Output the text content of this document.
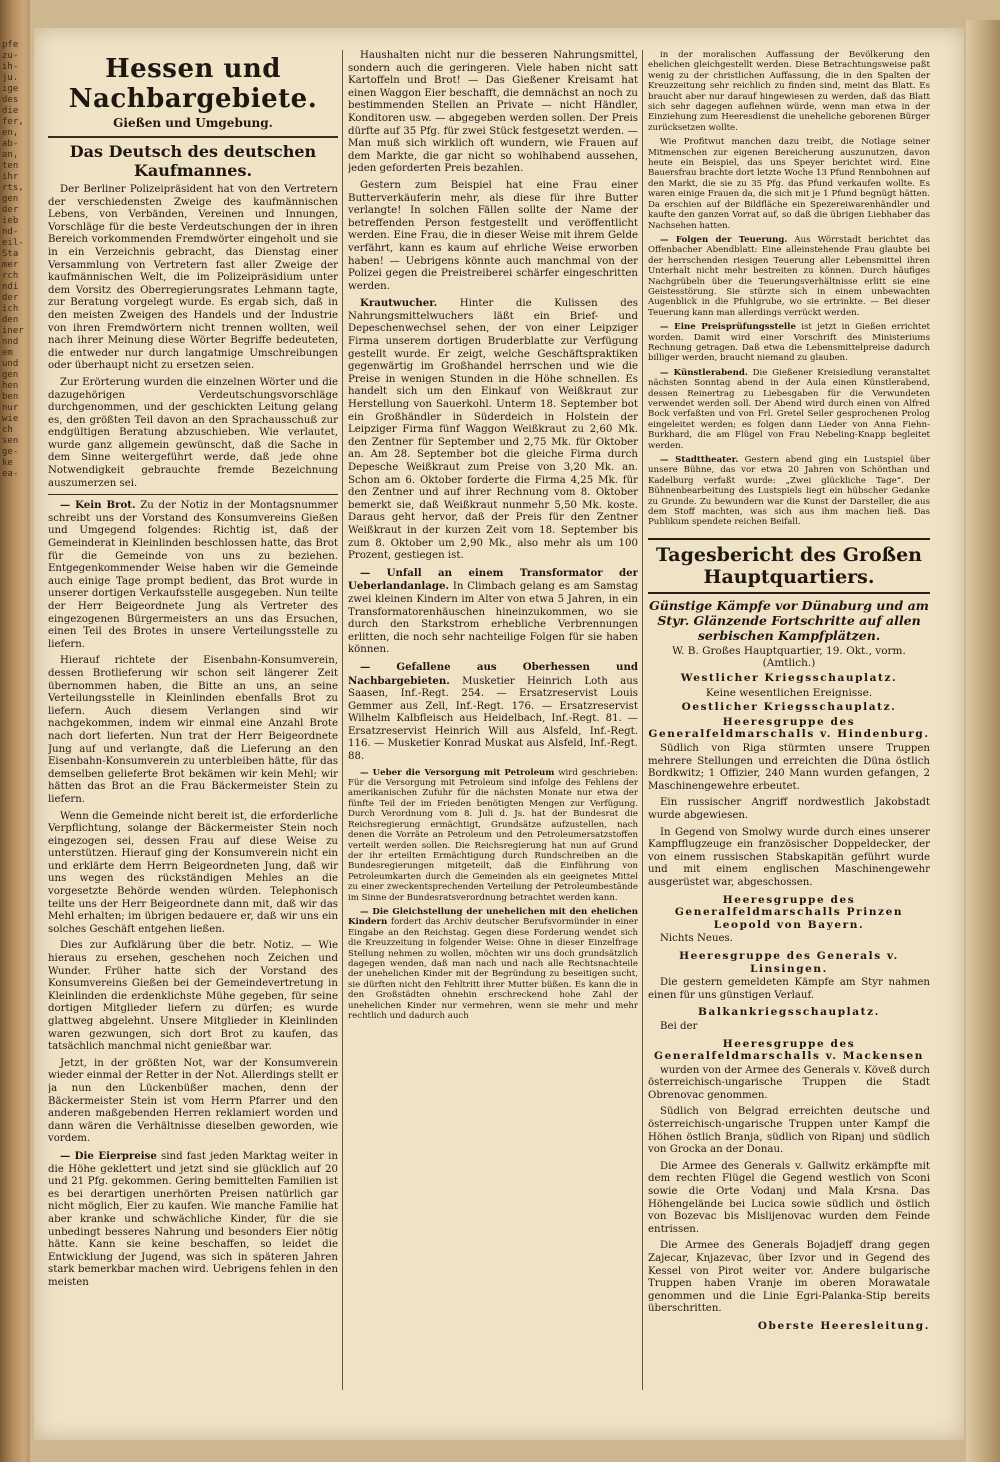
pfe
zu-
ih-
ju.
ige
des
die
fer,
en,
ab-
an,
ten
ihr
rts,
gen
der
ieb
nd-
eil-
Sta
mer
rch
ndi
der
ich
den
iner
nnd
em
und
gen
hen
ben
nur
wie
ch
sen
ge-
ke
ea-
Hessen und Nachbargebiete.
Gießen und Umgebung.
Das Deutsch des deutschen Kaufmannes.

Der Berliner Polizeipräsident hat von den Vertretern der verschiedensten Zweige des kaufmännischen Lebens, von Verbänden, Vereinen und Innungen, Vorschläge für die beste Verdeutschungen der in ihren Bereich vorkommenden Fremdwörter eingeholt und sie in ein Verzeichnis gebracht, das Dienstag einer Versammlung von Vertretern fast aller Zweige der kaufmännischen Welt, die im Polizeipräsidium unter dem Vorsitz des Oberregierungsrates Lehmann tagte, zur Beratung vorgelegt wurde. Es ergab sich, daß in den meisten Zweigen des Handels und der Industrie von ihren Fremdwörtern nicht trennen wollten, weil nach ihrer Meinung diese Wörter Begriffe bedeuteten, die entweder nur durch langatmige Umschreibungen oder überhaupt nicht zu ersetzen seien.

Zur Erörterung wurden die einzelnen Wörter und die dazugehörigen Verdeutschungsvorschläge durchgenommen, und der geschickten Leitung gelang es, den größten Teil davon an den Sprachausschuß zur endgültigen Beratung abzuschieben. Wie verlautet, wurde ganz allgemein gewünscht, daß die Sache in dem Sinne weitergeführt werde, daß jede ohne Notwendigkeit gebrauchte fremde Bezeichnung auszumerzen sei.

— Kein Brot. Zu der Notiz in der Montagsnummer schreibt uns der Vorstand des Konsumvereins Gießen und Umgegend folgendes: Richtig ist, daß der Gemeinderat in Kleinlinden beschlossen hatte, das Brot für die Gemeinde von uns zu beziehen. Entgegenkommender Weise haben wir die Gemeinde auch einige Tage prompt bedient, das Brot wurde in unserer dortigen Verkaufsstelle ausgegeben. Nun teilte der Herr Beigeordnete Jung als Vertreter des eingezogenen Bürgermeisters an uns das Ersuchen, einen Teil des Brotes in unsere Verteilungsstelle zu liefern.

Hierauf richtete der Eisenbahn-Konsumverein, dessen Brotlieferung wir schon seit längerer Zeit übernommen haben, die Bitte an uns, an seine Verteilungsstelle in Kleinlinden ebenfalls Brot zu liefern. Auch diesem Verlangen sind wir nachgekommen, indem wir einmal eine Anzahl Brote nach dort lieferten. Nun trat der Herr Beigeordnete Jung auf und verlangte, daß die Lieferung an den Eisenbahn-Konsumverein zu unterbleiben hätte, für das demselben gelieferte Brot bekämen wir kein Mehl; wir hätten das Brot an die Frau Bäckermeister Stein zu liefern.

Wenn die Gemeinde nicht bereit ist, die erforderliche Verpflichtung, solange der Bäckermeister Stein noch eingezogen sei, dessen Frau auf diese Weise zu unterstützen. Hierauf ging der Konsumverein nicht ein und erklärte dem Herrn Beigeordneten Jung, daß wir uns wegen des rückständigen Mehles an die vorgesetzte Behörde wenden würden. Telephonisch teilte uns der Herr Beigeordnete dann mit, daß wir das Mehl erhalten; im übrigen bedauere er, daß wir uns ein solches Geschäft entgehen ließen.

Dies zur Aufklärung über die betr. Notiz. — Wie hieraus zu ersehen, geschehen noch Zeichen und Wunder. Früher hatte sich der Vorstand des Konsumvereins Gießen bei der Gemeindevertretung in Kleinlinden die erdenklichste Mühe gegeben, für seine dortigen Mitglieder liefern zu dürfen; es wurde glattweg abgelehnt. Unsere Mitglieder in Kleinlinden waren gezwungen, sich dort Brot zu kaufen, das tatsächlich manchmal nicht genießbar war.

Jetzt, in der größten Not, war der Konsumverein wieder einmal der Retter in der Not. Allerdings stellt er ja nun den Lückenbüßer machen, denn der Bäckermeister Stein ist vom Herrn Pfarrer und den anderen maßgebenden Herren reklamiert worden und dann wären die Verhältnisse dieselben geworden, wie vordem.

— Die Eierpreise sind fast jeden Marktag weiter in die Höhe geklettert und jetzt sind sie glücklich auf 20 und 21 Pfg. gekommen. Gering bemittelten Familien ist es bei derartigen unerhörten Preisen natürlich gar nicht möglich, Eier zu kaufen. Wie manche Familie hat aber kranke und schwächliche Kinder, für die sie unbedingt besseres Nahrung und besonders Eier nötig hätte. Kann sie keine beschaffen, so leidet die Entwicklung der Jugend, was sich in späteren Jahren stark bemerkbar machen wird. Uebrigens fehlen in den meisten

Haushalten nicht nur die besseren Nahrungsmittel, sondern auch die geringeren. Viele haben nicht satt Kartoffeln und Brot! — Das Gießener Kreisamt hat einen Waggon Eier beschafft, die demnächst an noch zu bestimmenden Stellen an Private — nicht Händler, Konditoren usw. — abgegeben werden sollen. Der Preis dürfte auf 35 Pfg. für zwei Stück festgesetzt werden. — Man muß sich wirklich oft wundern, wie Frauen auf dem Markte, die gar nicht so wohlhabend aussehen, jeden geforderten Preis bezahlen.

Gestern zum Beispiel hat eine Frau einer Butterverkäuferin mehr, als diese für ihre Butter verlangte! In solchen Fällen sollte der Name der betreffenden Person festgestellt und veröffentlicht werden. Eine Frau, die in dieser Weise mit ihrem Gelde verfährt, kann es kaum auf ehrliche Weise erworben haben! — Uebrigens könnte auch manchmal von der Polizei gegen die Preistreiberei schärfer eingeschritten werden.

Krautwucher. Hinter die Kulissen des Nahrungsmittelwuchers läßt ein Brief- und Depeschenwechsel sehen, der von einer Leipziger Firma unserem dortigen Bruderblatte zur Verfügung gestellt wurde. Er zeigt, welche Geschäftspraktiken gegenwärtig im Großhandel herrschen und wie die Preise in wenigen Stunden in die Höhe schnellen. Es handelt sich um den Einkauf von Weißkraut zur Herstellung von Sauerkohl. Unterm 18. September bot ein Großhändler in Süderdeich in Holstein der Leipziger Firma fünf Waggon Weißkraut zu 2,60 Mk. den Zentner für September und 2,75 Mk. für Oktober an. Am 28. September bot die gleiche Firma durch Depesche Weißkraut zum Preise von 3,20 Mk. an. Schon am 6. Oktober forderte die Firma 4,25 Mk. für den Zentner und auf ihrer Rechnung vom 8. Oktober bemerkt sie, daß Weißkraut nunmehr 5,50 Mk. koste. Daraus geht hervor, daß der Preis für den Zentner Weißkraut in der kurzen Zeit vom 18. September bis zum 8. Oktober um 2,90 Mk., also mehr als um 100 Prozent, gestiegen ist.

— Unfall an einem Transformator der Ueberlandanlage. In Climbach gelang es am Samstag zwei kleinen Kindern im Alter von etwa 5 Jahren, in ein Transformatorenhäuschen hineinzukommen, wo sie durch den Starkstrom erhebliche Verbrennungen erlitten, die noch sehr nachteilige Folgen für sie haben können.

— Gefallene aus Oberhessen und Nachbargebieten. Musketier Heinrich Loth aus Saasen, Inf.-Regt. 254. — Ersatzreservist Louis Gemmer aus Zell, Inf.-Regt. 176. — Ersatzreservist Wilhelm Kalbfleisch aus Heidelbach, Inf.-Regt. 81. — Ersatzreservist Heinrich Will aus Alsfeld, Inf.-Regt. 116. — Musketier Konrad Muskat aus Alsfeld, Inf.-Regt. 88.

— Ueber die Versorgung mit Petroleum wird geschrieben: Für die Versorgung mit Petroleum sind infolge des Fehlens der amerikanischen Zufuhr für die nächsten Monate nur etwa der fünfte Teil der im Frieden benötigten Mengen zur Verfügung. Durch Verordnung vom 8. Juli d. Js. hat der Bundesrat die Reichsregierung ermächtigt, Grundsätze aufzustellen, nach denen die Vorräte an Petroleum und den Petroleumersatzstoffen verteilt werden sollen. Die Reichsregierung hat nun auf Grund der ihr erteilten Ermächtigung durch Rundschreiben an die Bundesregierungen mitgeteilt, daß die Einführung von Petroleumkarten durch die Gemeinden als ein geeignetes Mittel zu einer zweckentsprechenden Verteilung der Petroleumbestände im Sinne der Bundesratsverordnung betrachtet werden kann.

— Die Gleichstellung der unehelichen mit den ehelichen Kindern fordert das Archiv deutscher Berufsvormünder in einer Eingabe an den Reichstag. Gegen diese Forderung wendet sich die Kreuzzeitung in folgender Weise: Ohne in dieser Einzelfrage Stellung nehmen zu wollen, möchten wir uns doch grundsätzlich dagegen wenden, daß man nach und nach alle Rechtsnachteile der unehelichen Kinder mit der Begründung zu beseitigen sucht, sie dürften nicht den Fehltritt ihrer Mutter büßen. Es kann die in den Großstädten ohnehin erschreckend hohe Zahl der unehelichen Kinder nur vermehren, wenn sie mehr und mehr rechtlich und dadurch auch

in der moralischen Auffassung der Bevölkerung den ehelichen gleichgestellt werden. Diese Betrachtungsweise paßt wenig zu der christlichen Auffassung, die in den Spalten der Kreuzzeitung sehr reichlich zu finden sind, meint das Blatt. Es braucht aber nur darauf hingewiesen zu werden, daß das Blatt sich sehr dagegen auflehnen würde, wenn man etwa in der Einziehung zum Heeresdienst die uneheliche geborenen Bürger zurücksetzen wollte.

Wie Profitwut manchen dazu treibt, die Notlage seiner Mitmenschen zur eigenen Bereicherung auszunutzen, davon heute ein Beispiel, das uns Speyer berichtet wird. Eine Bauersfrau brachte dort letzte Woche 13 Pfund Rennbohnen auf den Markt, die sie zu 35 Pfg. das Pfund verkaufen wollte. Es waren einige Frauen da, die sich mit je 1 Pfund begnügt hätten. Da erschien auf der Bildfläche ein Spezereiwarenhändler und kaufte den ganzen Vorrat auf, so daß die übrigen Liebhaber das Nachsehen hatten.

— Folgen der Teuerung. Aus Wörrstadt berichtet das Offenbacher Abendblatt: Eine alleinstehende Frau glaubte bei der herrschenden riesigen Teuerung aller Lebensmittel ihren Unterhalt nicht mehr bestreiten zu können. Durch häufiges Nachgrübeln über die Teuerungsverhältnisse erlitt sie eine Geistesstörung. Sie stürzte sich in einem unbewachten Augenblick in die Pfuhlgrube, wo sie ertrinkte. — Bei dieser Teuerung kann man allerdings verrückt werden.

— Eine Preisprüfungsstelle ist jetzt in Gießen errichtet worden. Damit wird einer Vorschrift des Ministeriums Rechnung getragen. Daß etwa die Lebensmittelpreise dadurch billiger werden, braucht niemand zu glauben.

— Künstlerabend. Die Gießener Kreisiedlung veranstaltet nächsten Sonntag abend in der Aula einen Künstlerabend, dessen Reinertrag zu Liebesgaben für die Verwundeten verwendet werden soll. Der Abend wird durch einen von Alfred Bock verfaßten und von Frl. Gretel Seiler gesprochenen Prolog eingeleitet werden; es folgen dann Lieder von Anna Fiehn-Burkhard, die am Flügel von Frau Nebeling-Knapp begleitet werden.

— Stadttheater. Gestern abend ging ein Lustspiel über unsere Bühne, das vor etwa 20 Jahren von Schönthan und Kadelburg verfaßt wurde: „Zwei glückliche Tage“. Der Bühnenbearbeitung des Lustspiels liegt ein hübscher Gedanke zu Grunde. Zu bewundern war die Kunst der Darsteller, die aus dem Stoff machten, was sich aus ihm machen ließ. Das Publikum spendete reichen Beifall.

Tagesbericht des Großen Hauptquartiers.
Günstige Kämpfe vor Dünaburg und am Styr. Glänzende Fortschritte auf allen serbischen Kampfplätzen.

W. B. Großes Hauptquartier, 19. Okt., vorm. (Amtlich.)

Westlicher Kriegsschauplatz.

Keine wesentlichen Ereignisse.

Oestlicher Kriegsschauplatz.

Heeresgruppe des Generalfeldmarschalls v. Hindenburg.

Südlich von Riga stürmten unsere Truppen mehrere Stellungen und erreichten die Düna östlich Bordkwitz; 1 Offizier, 240 Mann wurden gefangen, 2 Maschinengewehre erbeutet.

Ein russischer Angriff nordwestlich Jakobstadt wurde abgewiesen.

In Gegend von Smolwy wurde durch eines unserer Kampfflugzeuge ein französischer Doppeldecker, der von einem russischen Stabskapitän geführt wurde und mit einem englischen Maschinengewehr ausgerüstet war, abgeschossen.

Heeresgruppe des Generalfeldmarschalls Prinzen Leopold von Bayern.

Nichts Neues.

Heeresgruppe des Generals v. Linsingen.

Die gestern gemeldeten Kämpfe am Styr nahmen einen für uns günstigen Verlauf.

Balkankriegsschauplatz.

Bei der

Heeresgruppe des Generalfeldmarschalls v. Mackensen

wurden von der Armee des Generals v. Köveß durch österreichisch-ungarische Truppen die Stadt Obrenovac genommen.

Südlich von Belgrad erreichten deutsche und österreichisch-ungarische Truppen unter Kampf die Höhen östlich Branja, südlich von Ripanj und südlich von Grocka an der Donau.

Die Armee des Generals v. Gallwitz erkämpfte mit dem rechten Flügel die Gegend westlich von Sconi sowie die Orte Vodanj und Mala Krsna. Das Höhengelände bei Lucica sowie südlich und östlich von Bozevac bis Mislijenovac wurden dem Feinde entrissen.

Die Armee des Generals Bojadjeff drang gegen Zajecar, Knjazevac, über Izvor und in Gegend des Kessel von Pirot weiter vor. Andere bulgarische Truppen haben Vranje im oberen Morawatale genommen und die Linie Egri-Palanka-Stip bereits überschritten.

Oberste Heeresleitung.
